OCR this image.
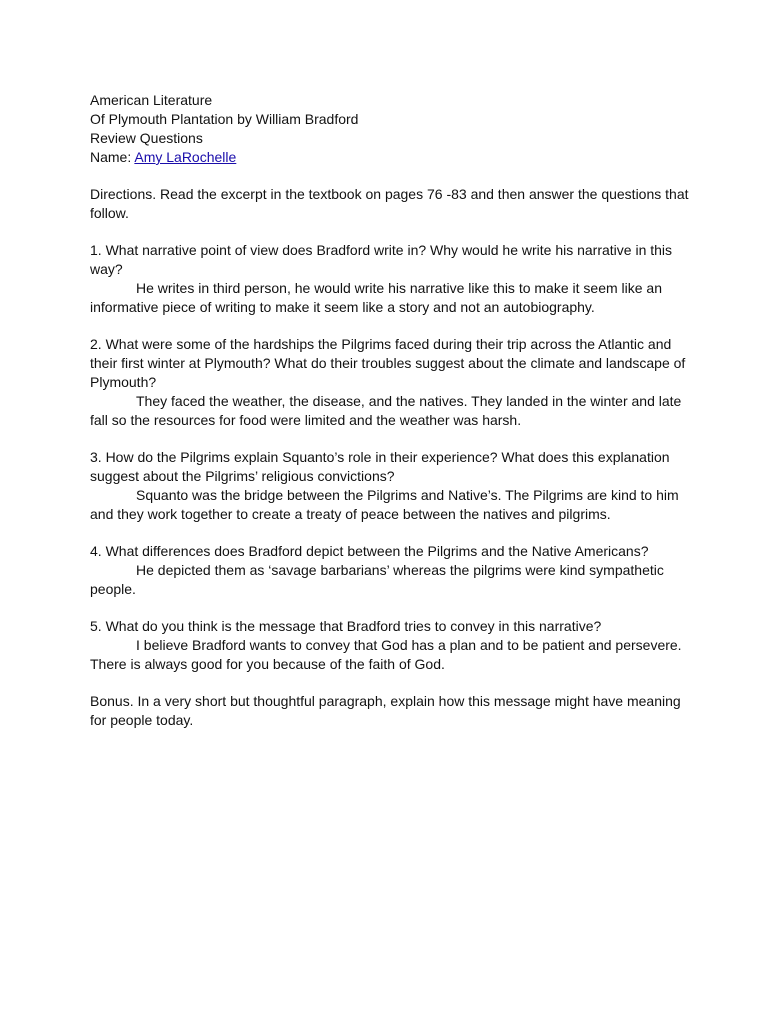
American Literature
Of Plymouth Plantation by William Bradford
Review Questions
Name: Amy LaRochelle

Directions. Read the excerpt in the textbook on pages 76 -83 and then answer the questions that follow.

1. What narrative point of view does Bradford write in? Why would he write his narrative in this way?

He writes in third person, he would write his narrative like this to make it seem like an informative piece of writing to make it seem like a story and not an autobiography.

2. What were some of the hardships the Pilgrims faced during their trip across the Atlantic and their first winter at Plymouth? What do their troubles suggest about the climate and landscape of Plymouth?

They faced the weather, the disease, and the natives. They landed in the winter and late fall so the resources for food were limited and the weather was harsh.

3. How do the Pilgrims explain Squanto’s role in their experience? What does this explanation suggest about the Pilgrims’ religious convictions?

Squanto was the bridge between the Pilgrims and Native’s. The Pilgrims are kind to him and they work together to create a treaty of peace between the natives and pilgrims.

4. What differences does Bradford depict between the Pilgrims and the Native Americans?

He depicted them as ‘savage barbarians’ whereas the pilgrims were kind sympathetic people.

5. What do you think is the message that Bradford tries to convey in this narrative?

I believe Bradford wants to convey that God has a plan and to be patient and persevere. There is always good for you because of the faith of God.

Bonus. In a very short but thoughtful paragraph, explain how this message might have meaning for people today.
